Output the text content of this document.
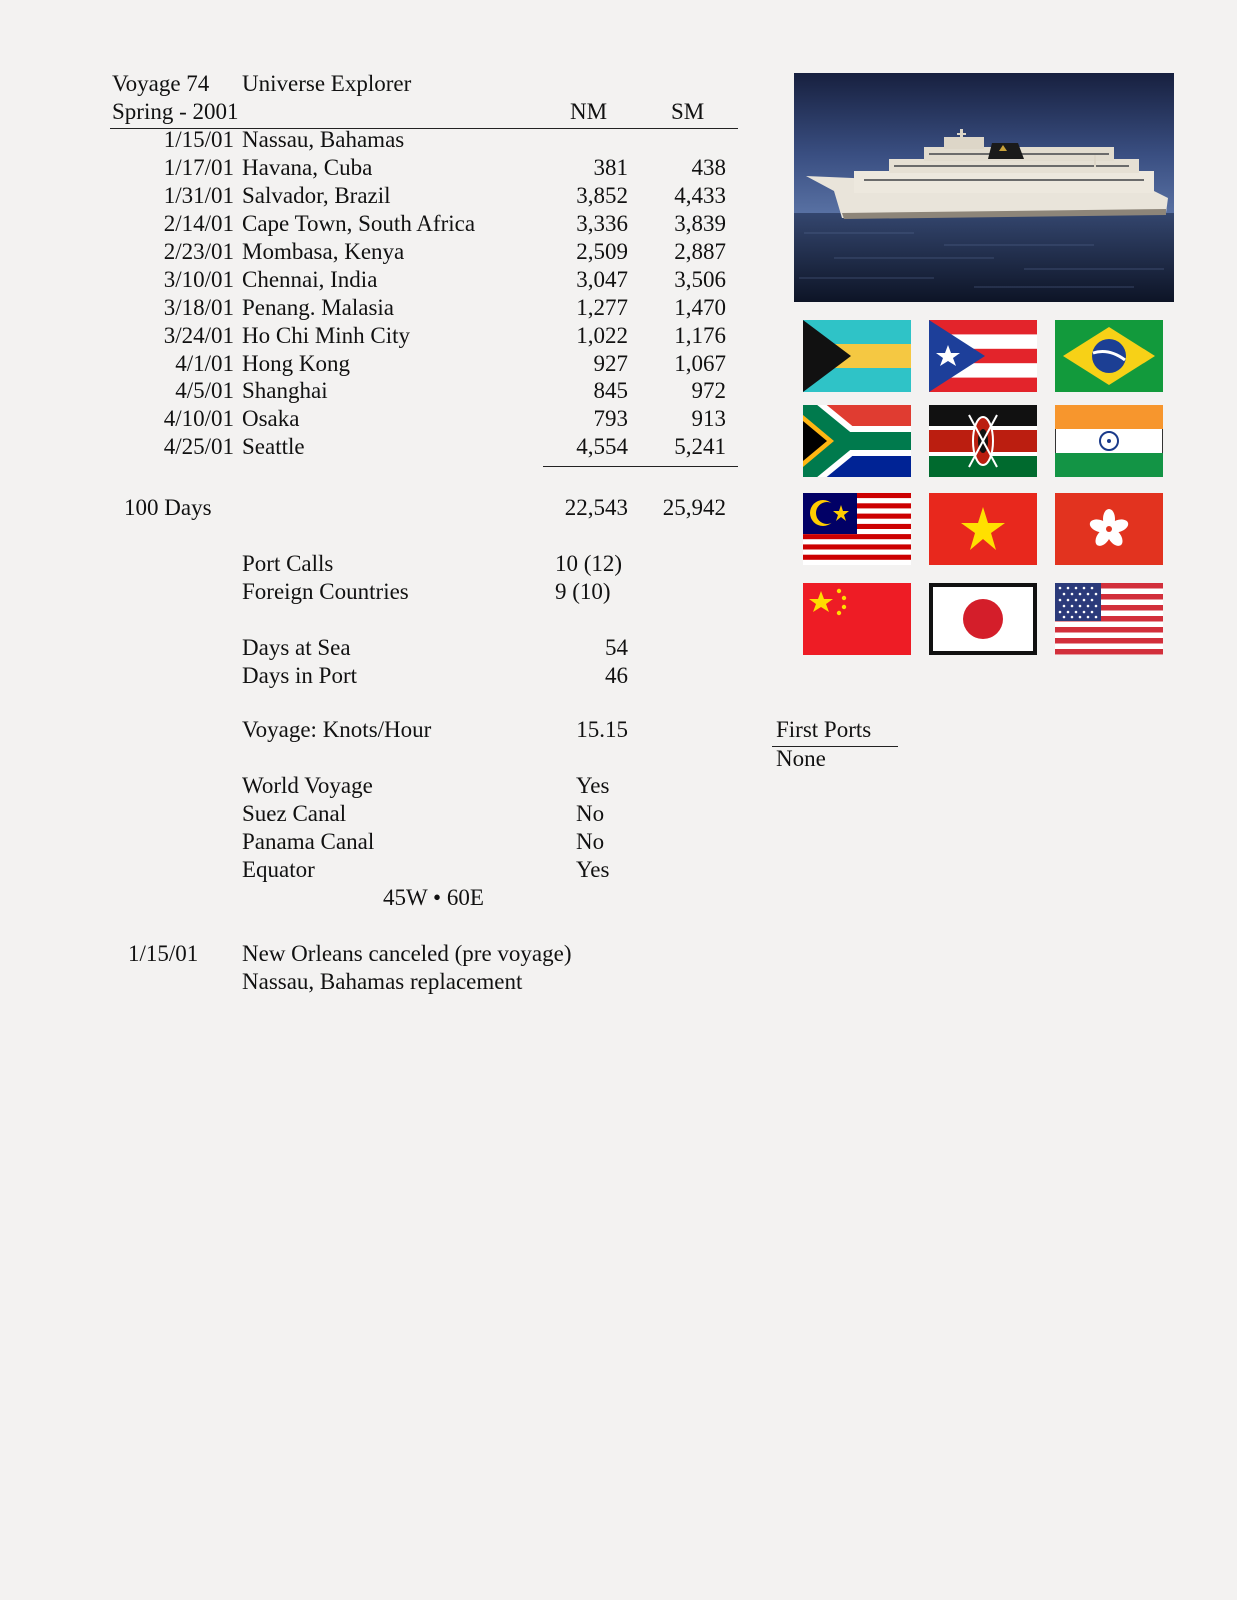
Voyage 74 Universe Explorer
Spring - 2001	NM	SM
1/15/01 Nassau, Bahamas
1/17/01 Havana, Cuba	381	438
1/31/01 Salvador, Brazil	3,852	4,433
2/14/01 Cape Town, South Africa	3,336	3,839
2/23/01 Mombasa, Kenya	2,509	2,887
3/10/01 Chennai, India	3,047	3,506
3/18/01 Penang. Malasia	1,277	1,470
3/24/01 Ho Chi Minh City	1,022	1,176
4/1/01 Hong Kong	927	1,067
4/5/01 Shanghai	845	972
4/10/01 Osaka	793	913
4/25/01 Seattle	4,554	5,241
100 Days	22,543	25,942
Port Calls	10 (12)
Foreign Countries	9 (10)
Days at Sea	54
Days in Port	46
Voyage: Knots/Hour	15.15
World Voyage	Yes
Suez Canal	No
Panama Canal	No
Equator	Yes
45W • 60E
1/15/01 New Orleans canceled (pre voyage)
Nassau, Bahamas replacement
First Ports
None
